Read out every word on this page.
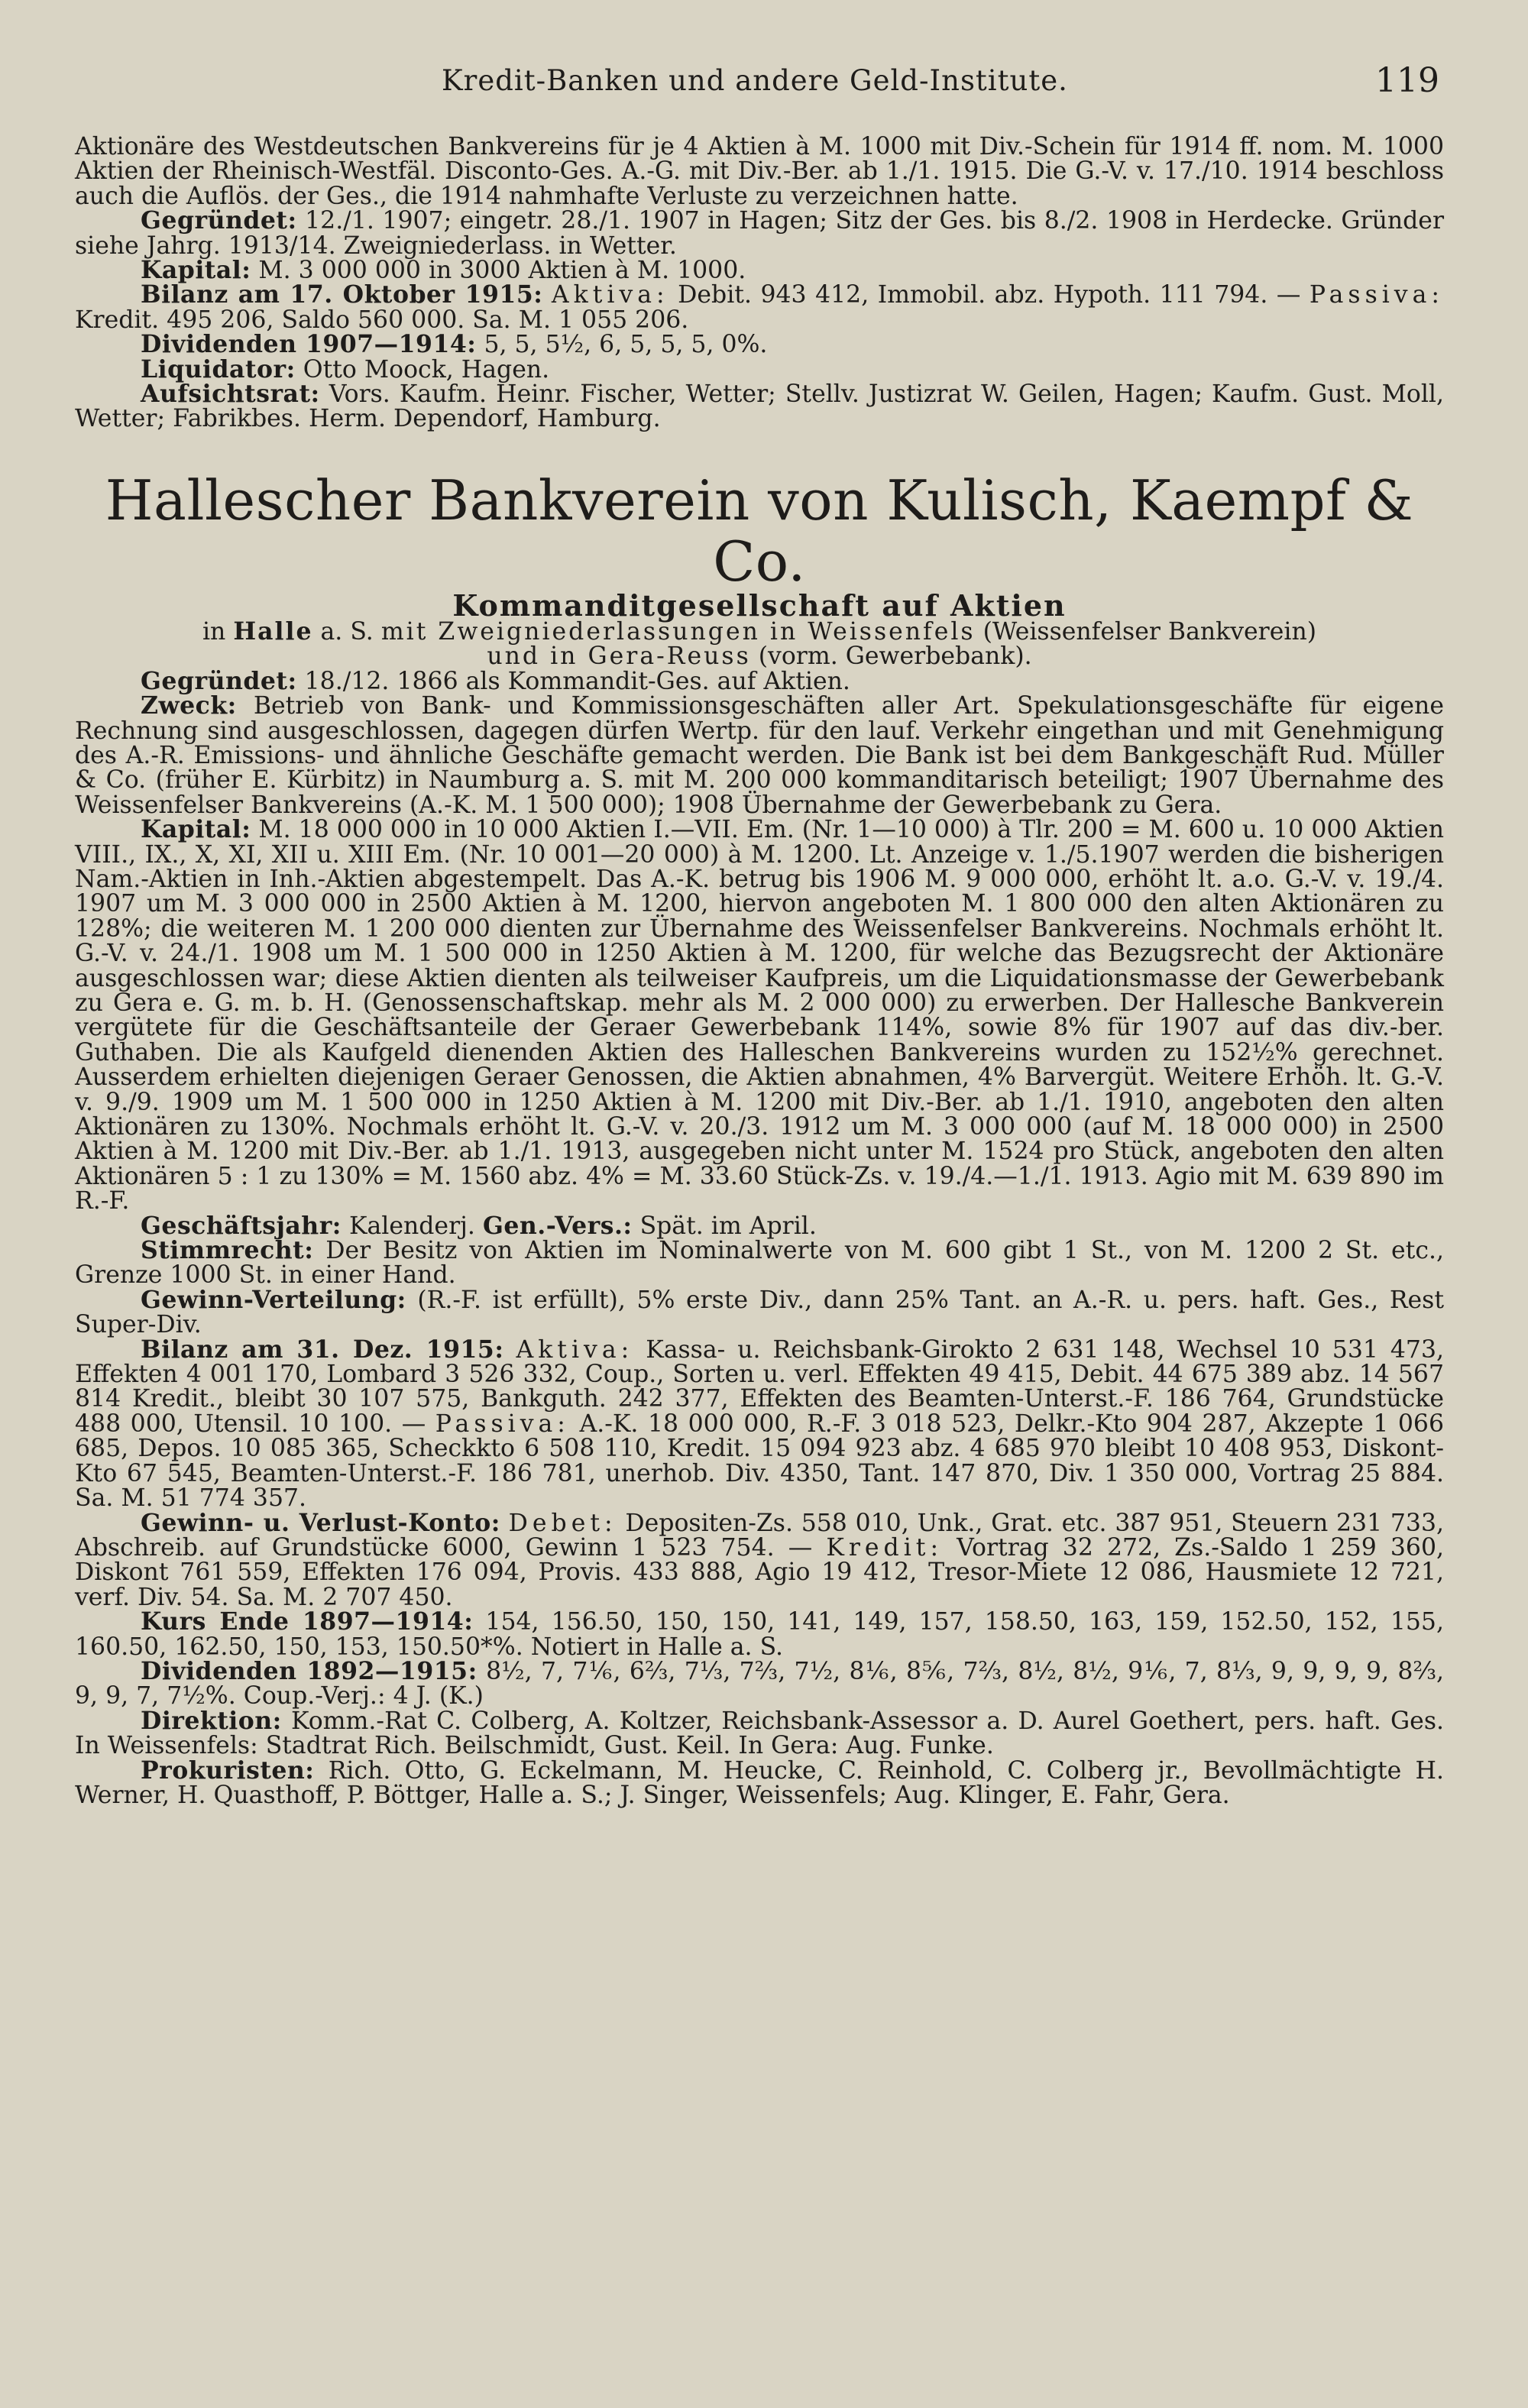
Kredit-Banken und andere Geld-Institute.	119

Aktionäre des Westdeutschen Bankvereins für je 4 Aktien à M. 1000 mit Div.-Schein für 1914 ff. nom. M. 1000 Aktien der Rheinisch-Westfäl. Disconto-Ges. A.-G. mit Div.-Ber. ab 1./1. 1915. Die G.-V. v. 17./10. 1914 beschloss auch die Auflös. der Ges., die 1914 nahmhafte Verluste zu verzeichnen hatte.

Gegründet: 12./1. 1907; eingetr. 28./1. 1907 in Hagen; Sitz der Ges. bis 8./2. 1908 in Herdecke. Gründer siehe Jahrg. 1913/14. Zweigniederlass. in Wetter.

Kapital: M. 3 000 000 in 3000 Aktien à M. 1000.

Bilanz am 17. Oktober 1915: Aktiva: Debit. 943 412, Immobil. abz. Hypoth. 111 794. — Passiva: Kredit. 495 206, Saldo 560 000. Sa. M. 1 055 206.

Dividenden 1907—1914: 5, 5, 5½, 6, 5, 5, 5, 0%.

Liquidator: Otto Moock, Hagen.

Aufsichtsrat: Vors. Kaufm. Heinr. Fischer, Wetter; Stellv. Justizrat W. Geilen, Hagen; Kaufm. Gust. Moll, Wetter; Fabrikbes. Herm. Dependorf, Hamburg.

Hallescher Bankverein von Kulisch, Kaempf & Co.

Kommanditgesellschaft auf Aktien

in Halle a. S. mit Zweigniederlassungen in Weissenfels (Weissenfelser Bankverein)
und in Gera-Reuss (vorm. Gewerbebank).

Gegründet: 18./12. 1866 als Kommandit-Ges. auf Aktien.

Zweck: Betrieb von Bank- und Kommissionsgeschäften aller Art. Spekulationsgeschäfte für eigene Rechnung sind ausgeschlossen, dagegen dürfen Wertp. für den lauf. Verkehr eingethan und mit Genehmigung des A.-R. Emissions- und ähnliche Geschäfte gemacht werden. Die Bank ist bei dem Bankgeschäft Rud. Müller & Co. (früher E. Kürbitz) in Naumburg a. S. mit M. 200 000 kommanditarisch beteiligt; 1907 Übernahme des Weissenfelser Bankvereins (A.-K. M. 1 500 000); 1908 Übernahme der Gewerbebank zu Gera.

Kapital: M. 18 000 000 in 10 000 Aktien I.—VII. Em. (Nr. 1—10 000) à Tlr. 200 = M. 600 u. 10 000 Aktien VIII., IX., X, XI, XII u. XIII Em. (Nr. 10 001—20 000) à M. 1200. Lt. Anzeige v. 1./5.1907 werden die bisherigen Nam.-Aktien in Inh.-Aktien abgestempelt. Das A.-K. betrug bis 1906 M. 9 000 000, erhöht lt. a.o. G.-V. v. 19./4. 1907 um M. 3 000 000 in 2500 Aktien à M. 1200, hiervon angeboten M. 1 800 000 den alten Aktionären zu 128%; die weiteren M. 1 200 000 dienten zur Übernahme des Weissenfelser Bankvereins. Nochmals erhöht lt. G.-V. v. 24./1. 1908 um M. 1 500 000 in 1250 Aktien à M. 1200, für welche das Bezugsrecht der Aktionäre ausgeschlossen war; diese Aktien dienten als teilweiser Kaufpreis, um die Liquidationsmasse der Gewerbebank zu Gera e. G. m. b. H. (Genossenschaftskap. mehr als M. 2 000 000) zu erwerben. Der Hallesche Bankverein vergütete für die Geschäftsanteile der Geraer Gewerbebank 114%, sowie 8% für 1907 auf das div.-ber. Guthaben. Die als Kaufgeld dienenden Aktien des Halleschen Bankvereins wurden zu 152½% gerechnet. Ausserdem erhielten diejenigen Geraer Genossen, die Aktien abnahmen, 4% Barvergüt. Weitere Erhöh. lt. G.-V. v. 9./9. 1909 um M. 1 500 000 in 1250 Aktien à M. 1200 mit Div.-Ber. ab 1./1. 1910, angeboten den alten Aktionären zu 130%. Nochmals erhöht lt. G.-V. v. 20./3. 1912 um M. 3 000 000 (auf M. 18 000 000) in 2500 Aktien à M. 1200 mit Div.-Ber. ab 1./1. 1913, ausgegeben nicht unter M. 1524 pro Stück, angeboten den alten Aktionären 5 : 1 zu 130% = M. 1560 abz. 4% = M. 33.60 Stück-Zs. v. 19./4.—1./1. 1913. Agio mit M. 639 890 im R.-F.

Geschäftsjahr: Kalenderj. Gen.-Vers.: Spät. im April.

Stimmrecht: Der Besitz von Aktien im Nominalwerte von M. 600 gibt 1 St., von M. 1200 2 St. etc., Grenze 1000 St. in einer Hand.

Gewinn-Verteilung: (R.-F. ist erfüllt), 5% erste Div., dann 25% Tant. an A.-R. u. pers. haft. Ges., Rest Super-Div.

Bilanz am 31. Dez. 1915: Aktiva: Kassa- u. Reichsbank-Girokto 2 631 148, Wechsel 10 531 473, Effekten 4 001 170, Lombard 3 526 332, Coup., Sorten u. verl. Effekten 49 415, Debit. 44 675 389 abz. 14 567 814 Kredit., bleibt 30 107 575, Bankguth. 242 377, Effekten des Beamten-Unterst.-F. 186 764, Grundstücke 488 000, Utensil. 10 100. — Passiva: A.-K. 18 000 000, R.-F. 3 018 523, Delkr.-Kto 904 287, Akzepte 1 066 685, Depos. 10 085 365, Scheckkto 6 508 110, Kredit. 15 094 923 abz. 4 685 970 bleibt 10 408 953, Diskont-Kto 67 545, Beamten-Unterst.-F. 186 781, unerhob. Div. 4350, Tant. 147 870, Div. 1 350 000, Vortrag 25 884. Sa. M. 51 774 357.

Gewinn- u. Verlust-Konto: Debet: Depositen-Zs. 558 010, Unk., Grat. etc. 387 951, Steuern 231 733, Abschreib. auf Grundstücke 6000, Gewinn 1 523 754. — Kredit: Vortrag 32 272, Zs.-Saldo 1 259 360, Diskont 761 559, Effekten 176 094, Provis. 433 888, Agio 19 412, Tresor-Miete 12 086, Hausmiete 12 721, verf. Div. 54. Sa. M. 2 707 450.

Kurs Ende 1897—1914: 154, 156.50, 150, 150, 141, 149, 157, 158.50, 163, 159, 152.50, 152, 155, 160.50, 162.50, 150, 153, 150.50*%. Notiert in Halle a. S.

Dividenden 1892—1915: 8½, 7, 7⅙, 6⅔, 7⅓, 7⅔, 7½, 8⅙, 8⅚, 7⅔, 8½, 8½, 9⅙, 7, 8⅓, 9, 9, 9, 9, 8⅔, 9, 9, 7, 7½%. Coup.-Verj.: 4 J. (K.)

Direktion: Komm.-Rat C. Colberg, A. Koltzer, Reichsbank-Assessor a. D. Aurel Goethert, pers. haft. Ges. In Weissenfels: Stadtrat Rich. Beilschmidt, Gust. Keil. In Gera: Aug. Funke.

Prokuristen: Rich. Otto, G. Eckelmann, M. Heucke, C. Reinhold, C. Colberg jr., Bevollmächtigte H. Werner, H. Quasthoff, P. Böttger, Halle a. S.; J. Singer, Weissenfels; Aug. Klinger, E. Fahr, Gera.
